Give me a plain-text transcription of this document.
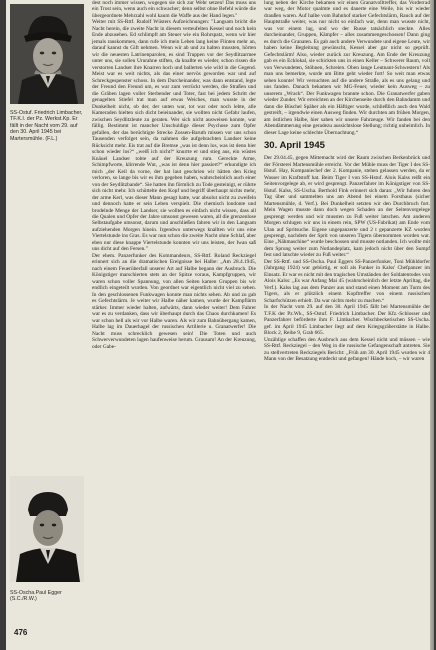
SS-Ostuf. Friedrich Limbacher, TF.K.I. der Pz. Werkst.Kp. Er fällt in der Nacht vom 29. auf den 30. April 1945 bei Martersmühle. (F.L.)
SS-Oscha.Paul Egger (S.C./R.W.)

dest noch immer wissen, wogegen sie sich zur Wehr setzen! Das muss uns ein Trost sein, wenn auch ein schwacher; denn selbst ohne Befehl würde die übergeordnete Mehrzahl wohl kaum die Waffe aus der Hand legen."

Weiter mit SS-Rttf. Rudolf Wüsters Aufzeichnungen: "Langsam bricht die Nacht herein, die zweite Nacht in diesem verteufelten Kessel und noch kein Ende abzusehen. Ed schlimpft am Steuer wie ein Rohrspatz, wenn wir hier jemals rauskommen, dann rufe ich mein Leben lang keine Flinten mehr an, darauf kannst du Gift nehmen. Wenn wir ab und zu halten mussten, hörten wir die neuesten Latrinenparolen, es sind Truppen vor der Seydlitzarmee unter uns, sie sollen Ururahne stiften, da knallte es wieder, schon rissen die verstorten Landser ihre Knarren hoch und ballerten wie wild in die Gegend. Meist war es weit nichts, als das einer nervös geworden war und auf Schreckgespenster schoss. In dem Durcheinander, was dann entstand, legte der Freund den Freund um, es war zum verrückt werden, die Straßen und die Gräben lagen voller Sterbender und Toter, fast bei jedem Schritt der genagelten Stiefel trat man auf etwas Weiches, man wusste in der Dunkelheit nicht, ob der, der unten war, tot war oder noch lebte, alle Kameraden hielten sich dicht beieinander, sie wollten nicht Gefahr laufen, zwischen Seydlitzleute zu geraten. Wer sich nicht ausweisen konnte, war fällig. Bestimmt ist mancher Unschuldige dieser Psychose zum Opfer gefallen, der das berüchtigte Strecke Zossen-Baruth missen vor uns schon Tausenden verfolget sein, da nahmen die aufgebrachten Landser keine Rücksicht mehr. Eis trat auf die Bremse „was ist denn los, was ist denn hier schon wieder los?“ „weiß ich nicht!“ knurrte er und stieg aus, ein wüstes Knäuel Landser tobte auf der Kreuzung rum. Gereckte Arme, Schimpfworte, klirrende Wut, „was ist denn hier passiert?“ erkundigte ich mich „der Keil da vorne, der hat laut geschrien wir hätten den Krieg verloren, so lange bis wir es ihm gegeben haben, wahrscheinlich auch einer von der Seydlitzbande“. Sie hatten ihn förmlich zu Tode gesteinigt, er rührte sich nicht mehr. Ich schüttelte den Kopf und begriff überhaupt nichts mehr, der arme Kerl, was dieser Mann gesagt hatte, war absolut nicht zu zweifeln und dennoch hatte er sein Leben verspielt. Die chemisch londonte und brodelnde Menge der Landser, sie wollten es einfach nicht wissen, dass all die Qualen und Opfer der Jahre umsonst gewesen waren, all die grenzenlose Selbstaufgabe umsonst, darum und anschließen fahren wir in den Langsam aufziehenden Morgen hinein. Irgendwo unterwegs knallten wir uns eine Viertelstunde ins Gras. Es war nun schon die zweite Nacht ohne Schlaf, aber eben nur diese knappe Viertelstunde konnten wir uns leisten, der Iwan saß uns dicht auf den Fersen."

Der ehem. Panzerfunker des Kommandeurs, SS-Rttf. Roland Reckziegel erinnert sich an die dramatischen Ereignisse bei Halbe: „Am 28.4.1945, nach einem Feuerüberfall unserer Art auf Halbe begann der Ausbruch. Die Königstiger marschierten stets an der Spitze voraus, Kampfgruppen, wir waren schon voller Spannung, von allen Seiten kamen Gruppen bis wir endlich eingeteilt wurden. Von geordnet war eigentlich nicht viel zu sehen. In den geschlossenen Funkwagen konnte man nichts sehen. Ab und zu gab es Gefechtslärm. Je weiter wir Halbe näher kamen, wurde der Kampflärm stärker. Immer wieder halten, aufwärts, dann wieder weiter! Dem Fahrer war es zu verdanken, dass wir überhaupt durch das Chaos durchkamen! Es war schon hell als wir vor Halbe waren. Als wir zum Bahnübergang kamen, Halbe lag im Dauerhagel der russischen Artillerie u. Granatwerfer! Die Nacht muss schrecklich gewesen sein! Die Toten und auch Schwerverwundeten lagen haufenweise herum. Grausam! An der Kreuzung, oder Gabe-

lung neben der Kirche bekamen wir einen Granatvolltreffer, das Vorderrad war weg, der Motor qualmte und es dauerte eine Weile, bis wir wieder draußen waren. Auf halbe vom Bahnhof starker Gefechtslärm, Rauch auf der Hauptstraße weiter, was nur nicht so einfach war, denn man wusste nicht, was vor einem lag, und wo der Russe tatsächlich steckte. Alles durcheinander, Gruppen, Kämpfer – alles zusammengeschossen! Dann ging es durch die Granaten. Es gab auch andere Verwundete und eigene Leute, wir haben keine Begleitung gewünscht, Kessel aber gar nicht so geprüft. Gefechtslärm! Also, wieder zurück zur Kreuzung. Am Ende der Kreuzung gab es ein Ecklokal, sie schickten uns in einen Keller – Schwerer Raum, voll von Verwundeten, Stöhnen, Schreien. Oben lange Leutnant-Schwestern! Als man uns bemerkte, wurde um Bitte geht wieder fort! So weit man etwas sehen konnte! Wir versuchten auf die andere Straße, als es uns gelang und uns fanden. Danach bekamen wir MG-Feuer, wieder kein Ausweg – zu unserem „Wrack“. Der Funkwagen brannte schon. Die Granatwerfer gaben wieder Zunder. Wir erreichten an der Kirchenseite durch den Bahndamm und dann die Büschel Späher als ein Häftiger wurde, schließlich auch den Wald gestreift, – irgendwie einen Ausweg finden. Wir durchten am frühen Morgen, am östlichen Halbe, hier sahen wir unsere Fahrzeuge. Wir fanden bei den Abendämmerung eine geradezu aussichtslose Stellung; richtig unheimlich. In dieser Lage keine schlechte Übernachtung.“

30. April 1945

Der 29.04.45, gegen Mittemacht wird der Raum zwischen Berkenbrück und der Försterei Martensmühle erreicht. Vor der Mühle muss der Tiger I des SS-Hstuf. Hay, Kompaniechef der 2. Kompanie, stehen gelassen werden, da er Wasser im Kraftstoff hat. Beim Tiger I von SS-Hstuf. Alois Kalss reißt ein Seitenvorgelege ab, er wird gesprengt. Panzerfahrer im Königstiger von SS-Hstuf. Kalss, SS-Uscha. Berthold Fink erinnert sich daran: „Wir fuhren den Tag über und sammelten uns am Abend bei einem Forsthaus (sicher Martensmühle, d. Verf.). Bei Dunkelheit setzten wir den Durchbruch fort. Mein Wagen musste dann doch wegen Schaden an der Seitenvorgelege gesprengt werden und wir mussten zu Fuß weiter latschen. Am anderen Morgen schlugen wir uns in einem rein, SPW (US-Fabrikat) am Ende vom Ulan auf Spritsuche. Eigene ungepanzerte und 2 t gepanzerte KZ wurden gesprengt, nachdem der Sprit von unseren Tigern übernommen worden war. Eine „Nähmaschine“ wurde beschossen und musste notlanden. Ich wollte mit dem Sprung weiter zum Notlandeplatz, kam jedoch nicht über den Sumpf fest und latschte wieder zu Fuß weiter.“

Der SS-Rttf. und SS-Oscha. Paul Eggers SS-Panzerfunker, Toni Mühldorfer (Jahrgang 1924) war gebürtig, er soll als Funker in Kalss' Chefpanzer im Einsatz. Er war es nicht mit den tragischen Umständen der Soldatentodes von Alois Kalss: „Es war Anfang Mai 45 (wahrscheinlich der letzte Apriltag, die Verf.). Kalss lag aus dem Panzer aus und stand einen Moment am Turm des Tigers, als er plötzlich einem Kopftreffer von einem russischen Scharfschützen erhielt. Da war nichts mehr zu machen.“

In der Nacht vom 29. auf den 30. April 1945 fällt bei Martensmühle der T.F.K der Pz.Wk., SS-Ostuf. Friedrich Limbacher. Der Kfz.-Schlosser und Panzerfahrer beförderte ihm F. Limbacher. Wischbeckerischen SS-Uscha. gef. im April 1945 Limbacher liegt auf dem Kriegsgräberstätte in Halbe. Block 2, Reihe 9, Grab 665.

Unzählige schaffen den Ausbruch aus dem Kessel nicht und müssen – wie SS-Rttf. Reckziegel – den Weg in die russische Gefangenschaft antreten. Sie zu stellvertreten Reckziegels Bericht: „Früh am 30. April 1945 wurden wir 4 Mann von der Besatzung entdeckt und gefangen! Hände hoch, – wir waren

476
